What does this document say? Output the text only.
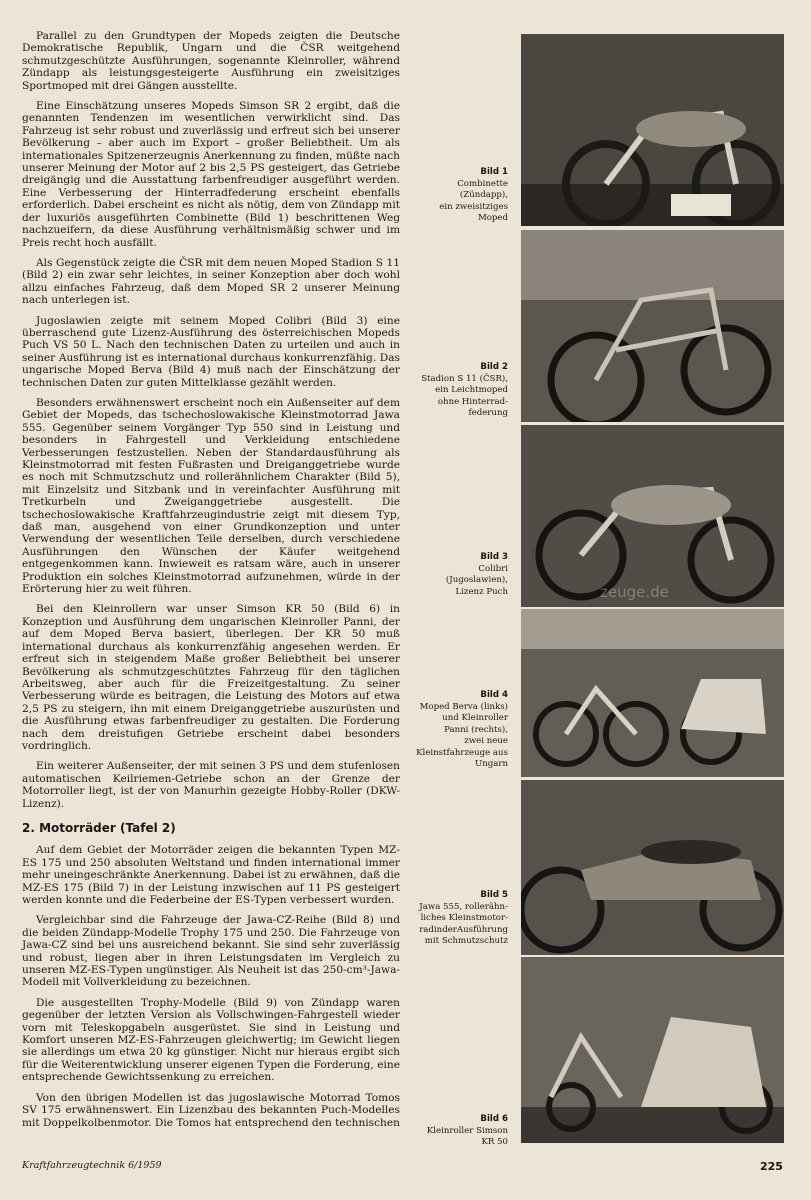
Parallel zu den Grundtypen der Mopeds zeigten die Deutsche Demokratische Republik, Ungarn und die ČSR weitgehend schmutzgeschützte Ausführungen, sogenannte Kleinroller, während Zündapp als leistungsgesteigerte Ausführung ein zweisitziges Sportmoped mit drei Gängen ausstellte.

Eine Einschätzung unseres Mopeds Simson SR 2 ergibt, daß die genannten Tendenzen im wesentlichen verwirklicht sind. Das Fahrzeug ist sehr robust und zuverlässig und erfreut sich bei unserer Bevölkerung – aber auch im Export – großer Beliebtheit. Um als internationales Spitzenerzeugnis Anerkennung zu finden, müßte nach unserer Meinung der Motor auf 2 bis 2,5 PS gesteigert, das Getriebe dreigängig und die Ausstattung farbenfreudiger ausgeführt werden. Eine Verbesserung der Hinterradfederung erscheint ebenfalls erforderlich. Dabei erscheint es nicht als nötig, dem von Zündapp mit der luxuriös ausgeführten Combinette (Bild 1) beschrittenen Weg nachzueifern, da diese Ausführung verhältnismäßig schwer und im Preis recht hoch ausfällt.

Als Gegenstück zeigte die ČSR mit dem neuen Moped Stadion S 11 (Bild 2) ein zwar sehr leichtes, in seiner Konzeption aber doch wohl allzu einfaches Fahrzeug, daß dem Moped SR 2 unserer Meinung nach unterlegen ist.

Jugoslawien zeigte mit seinem Moped Colibri (Bild 3) eine überraschend gute Lizenz-Ausführung des österreichischen Mopeds Puch VS 50 L. Nach den technischen Daten zu urteilen und auch in seiner Ausführung ist es international durchaus konkurrenzfähig. Das ungarische Moped Berva (Bild 4) muß nach der Einschätzung der technischen Daten zur guten Mittelklasse gezählt werden.

Besonders erwähnenswert erscheint noch ein Außenseiter auf dem Gebiet der Mopeds, das tschechoslowakische Kleinstmotorrad Jawa 555. Gegenüber seinem Vorgänger Typ 550 sind in Leistung und besonders in Fahrgestell und Verkleidung entschiedene Verbesserungen festzustellen. Neben der Standardausführung als Kleinstmotorrad mit festen Fußrasten und Dreiganggetriebe wurde es noch mit Schmutzschutz und rollerähnlichem Charakter (Bild 5), mit Einzelsitz und Sitzbank und in vereinfachter Ausführung mit Tretkurbeln und Zweiganggetriebe ausgestellt. Die tschechoslowakische Kraftfahrzeugindustrie zeigt mit diesem Typ, daß man, ausgehend von einer Grundkonzeption und unter Verwendung der wesentlichen Teile derselben, durch verschiedene Ausführungen den Wünschen der Käufer weitgehend entgegenkommen kann. Inwieweit es ratsam wäre, auch in unserer Produktion ein solches Kleinstmotorrad aufzunehmen, würde in der Erörterung hier zu weit führen.

Bei den Kleinrollern war unser Simson KR 50 (Bild 6) in Konzeption und Ausführung dem ungarischen Kleinroller Panni, der auf dem Moped Berva basiert, überlegen. Der KR 50 muß international durchaus als konkurrenzfähig angesehen werden. Er erfreut sich in steigendem Maße großer Beliebtheit bei unserer Bevölkerung als schmutzgeschütztes Fahrzeug für den täglichen Arbeitsweg, aber auch für die Freizeitgestaltung. Zu seiner Verbesserung würde es beitragen, die Leistung des Motors auf etwa 2,5 PS zu steigern, ihn mit einem Dreiganggetriebe auszurüsten und die Ausführung etwas farbenfreudiger zu gestalten. Die Forderung nach dem dreistufigen Getriebe erscheint dabei besonders vordringlich.

Ein weiterer Außenseiter, der mit seinen 3 PS und dem stufenlosen automatischen Keilriemen-Getriebe schon an der Grenze der Motorroller liegt, ist der von Manurhin gezeigte Hobby-Roller (DKW-Lizenz).

2. Motorräder (Tafel 2)

Auf dem Gebiet der Motorräder zeigen die bekannten Typen MZ-ES 175 und 250 absoluten Weltstand und finden international immer mehr uneingeschränkte Anerkennung. Dabei ist zu erwähnen, daß die MZ-ES 175 (Bild 7) in der Leistung inzwischen auf 11 PS gesteigert werden konnte und die Federbeine der ES-Typen verbessert wurden.

Vergleichbar sind die Fahrzeuge der Jawa-CZ-Reihe (Bild 8) und die beiden Zündapp-Modelle Trophy 175 und 250. Die Fahrzeuge von Jawa-CZ sind bei uns ausreichend bekannt. Sie sind sehr zuverlässig und robust, liegen aber in ihren Leistungsdaten im Vergleich zu unseren MZ-ES-Typen ungünstiger. Als Neuheit ist das 250-cm³-Jawa-Modell mit Vollverkleidung zu bezeichnen.

Die ausgestellten Trophy-Modelle (Bild 9) von Zündapp waren gegenüber der letzten Version als Vollschwingen-Fahrgestell wieder vorn mit Teleskopgabeln ausgerüstet. Sie sind in Leistung und Komfort unseren MZ-ES-Fahrzeugen gleichwertig; im Gewicht liegen sie allerdings um etwa 20 kg günstiger. Nicht nur hieraus ergibt sich für die Weiterentwicklung unserer eigenen Typen die Forderung, eine entsprechende Gewichtssenkung zu erreichen.

Von den übrigen Modellen ist das jugoslawische Motorrad Tomos SV 175 erwähnenswert. Ein Lizenzbau des bekannten Puch-Modelles mit Doppelkolbenmotor. Die Tomos hat entsprechend den technischen

Bild 1
Combinette
(Zündapp),
ein zweisitziges
Moped
Bild 2
Stadion S 11 (ČSR),
ein Leichtmoped
ohne Hinterrad-
federung
Bild 3
Colibri
(Jugoslawien),
Lizenz Puch
Bild 4
Moped Berva (links)
und Kleinroller
Panni (rechts),
zwei neue
Kleinstfahrzeuge aus
Ungarn
Bild 5
Jawa 555, rollerähn-
liches Kleinstmotor-
radinderAusführung
mit Schmutzschutz
Bild 6
Kleinroller Simson
KR 50
zeuge.de
Kraftfahrzeugtechnik 6/1959	225
